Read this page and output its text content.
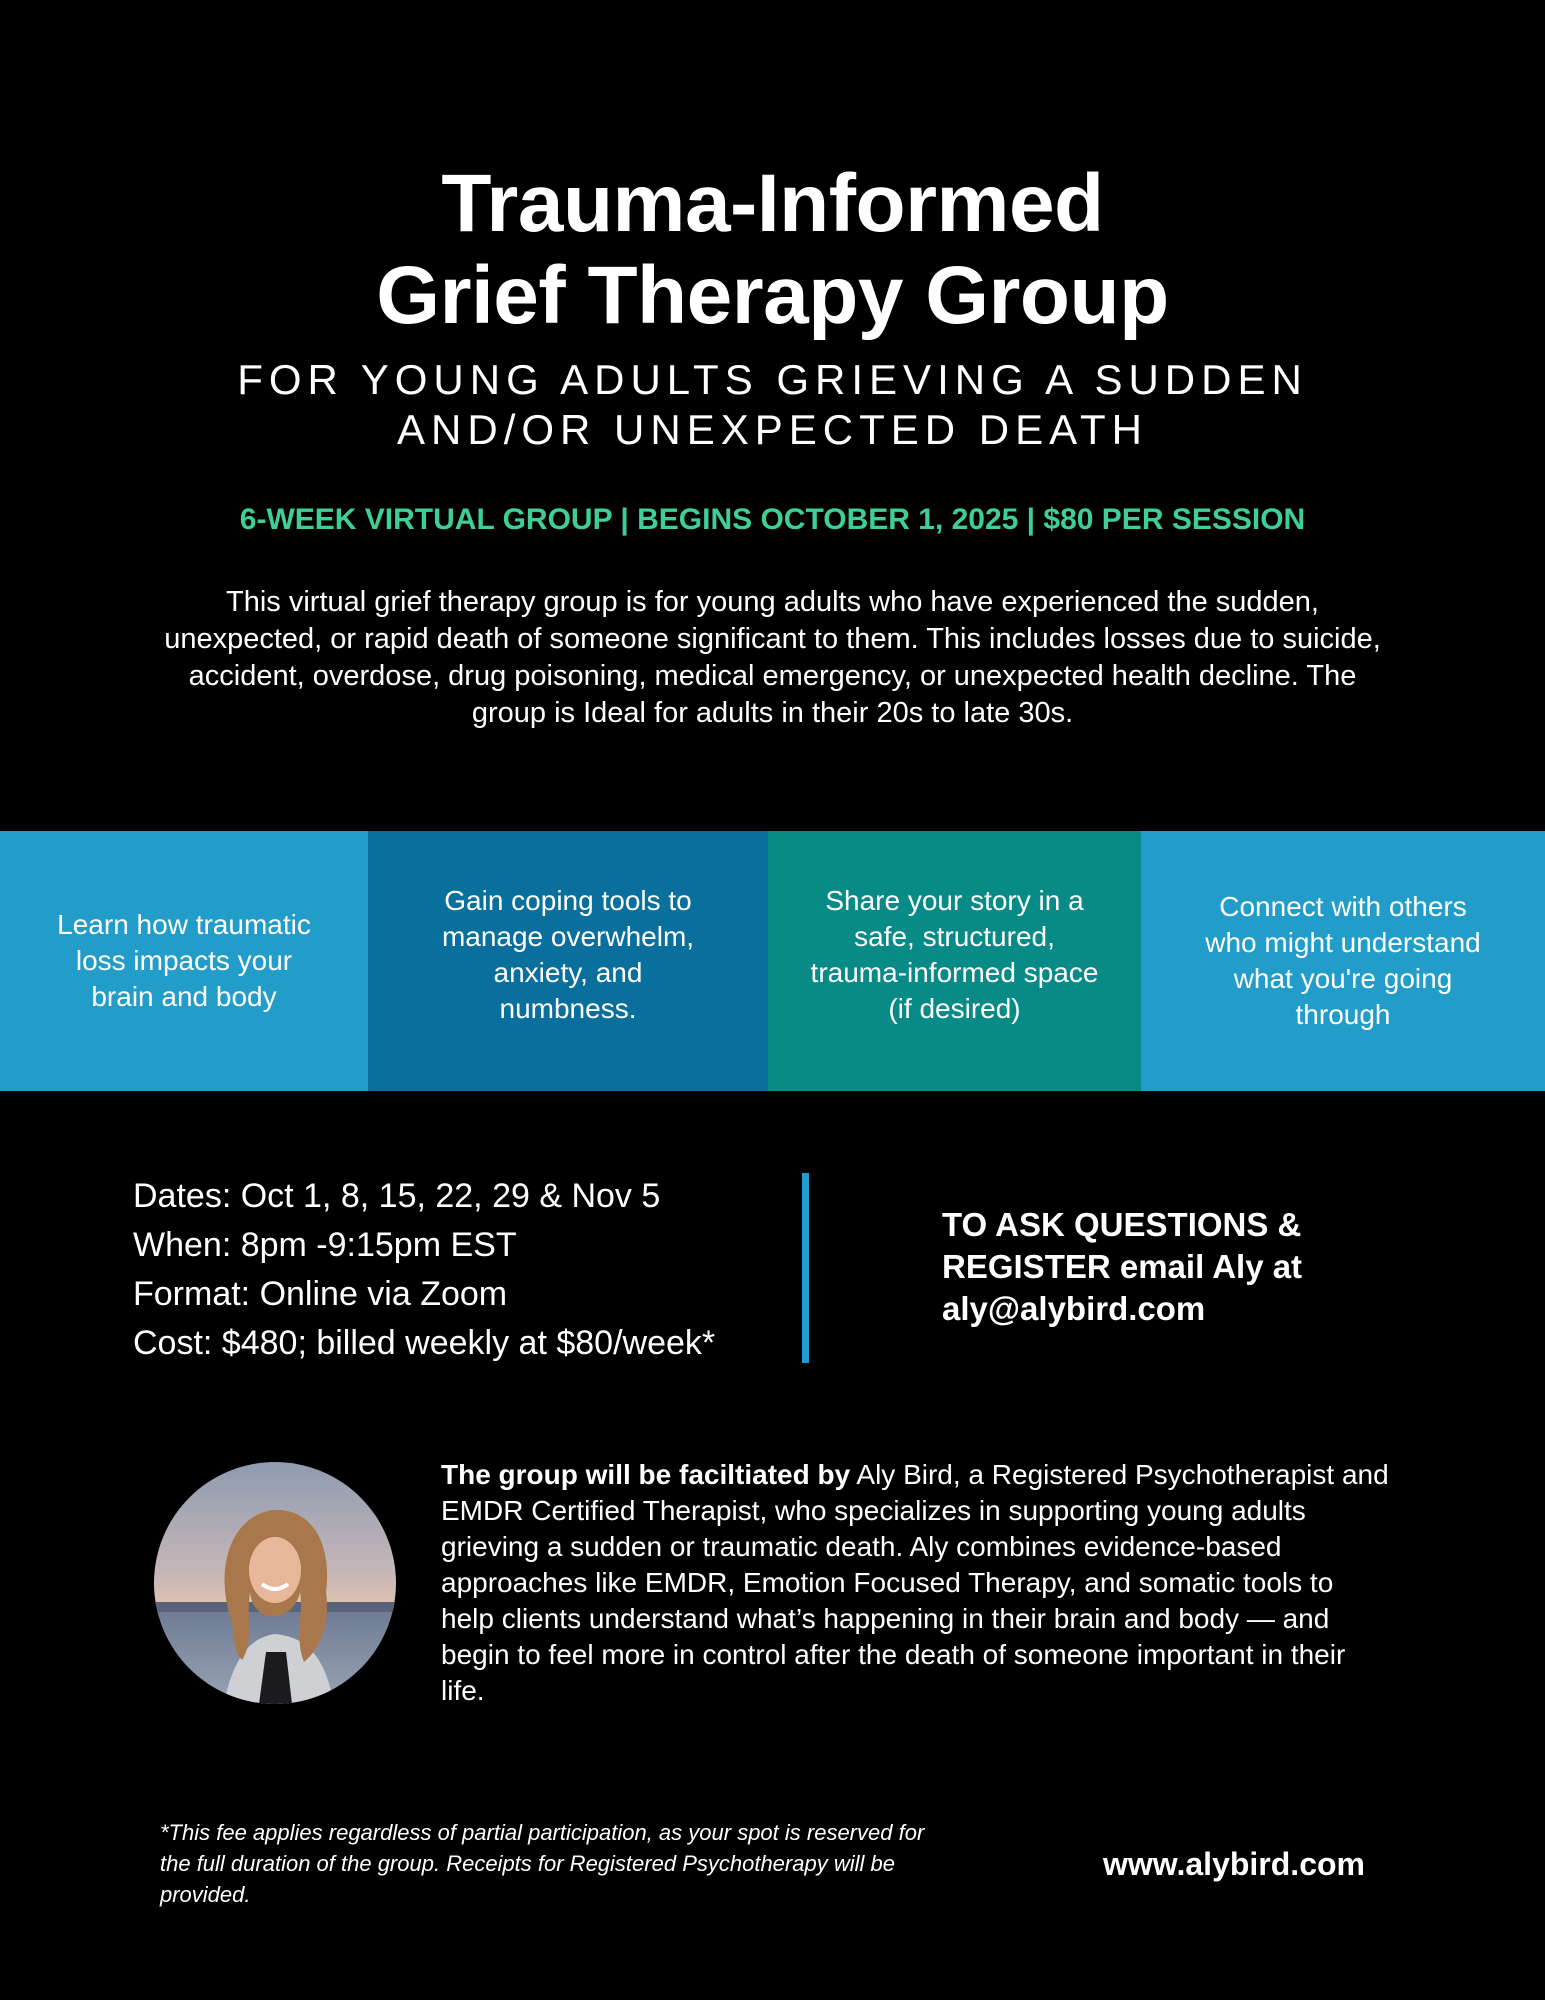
Trauma-Informed
Grief Therapy Group
FOR YOUNG ADULTS GRIEVING A SUDDEN
AND/OR UNEXPECTED DEATH
6-WEEK VIRTUAL GROUP | BEGINS OCTOBER 1, 2025 | $80 PER SESSION

This virtual grief therapy group is for young adults who have experienced the sudden, unexpected, or rapid death of someone significant to them. This includes losses due to suicide, accident, overdose, drug poisoning, medical emergency, or unexpected health decline. The group is Ideal for adults in their 20s to late 30s.

Learn how traumatic loss impacts your brain and body
Gain coping tools to manage overwhelm, anxiety, and numbness.
Share your story in a safe, structured, trauma-informed space (if desired)
Connect with others who might understand what you're going through
Dates: Oct 1, 8, 15, 22, 29 & Nov 5
When: 8pm -9:15pm EST
Format: Online via Zoom
Cost: $480; billed weekly at $80/week*

TO ASK QUESTIONS &
REGISTER email Aly at
aly@alybird.com

The group will be faciltiated by Aly Bird, a Registered Psychotherapist and EMDR Certified Therapist, who specializes in supporting young adults grieving a sudden or traumatic death. Aly combines evidence-based approaches like EMDR, Emotion Focused Therapy, and somatic tools to help clients understand what’s happening in their brain and body — and begin to feel more in control after the death of someone important in their life.

*This fee applies regardless of partial participation, as your spot is reserved for the full duration of the group. Receipts for Registered Psychotherapy will be provided.

www.alybird.com
